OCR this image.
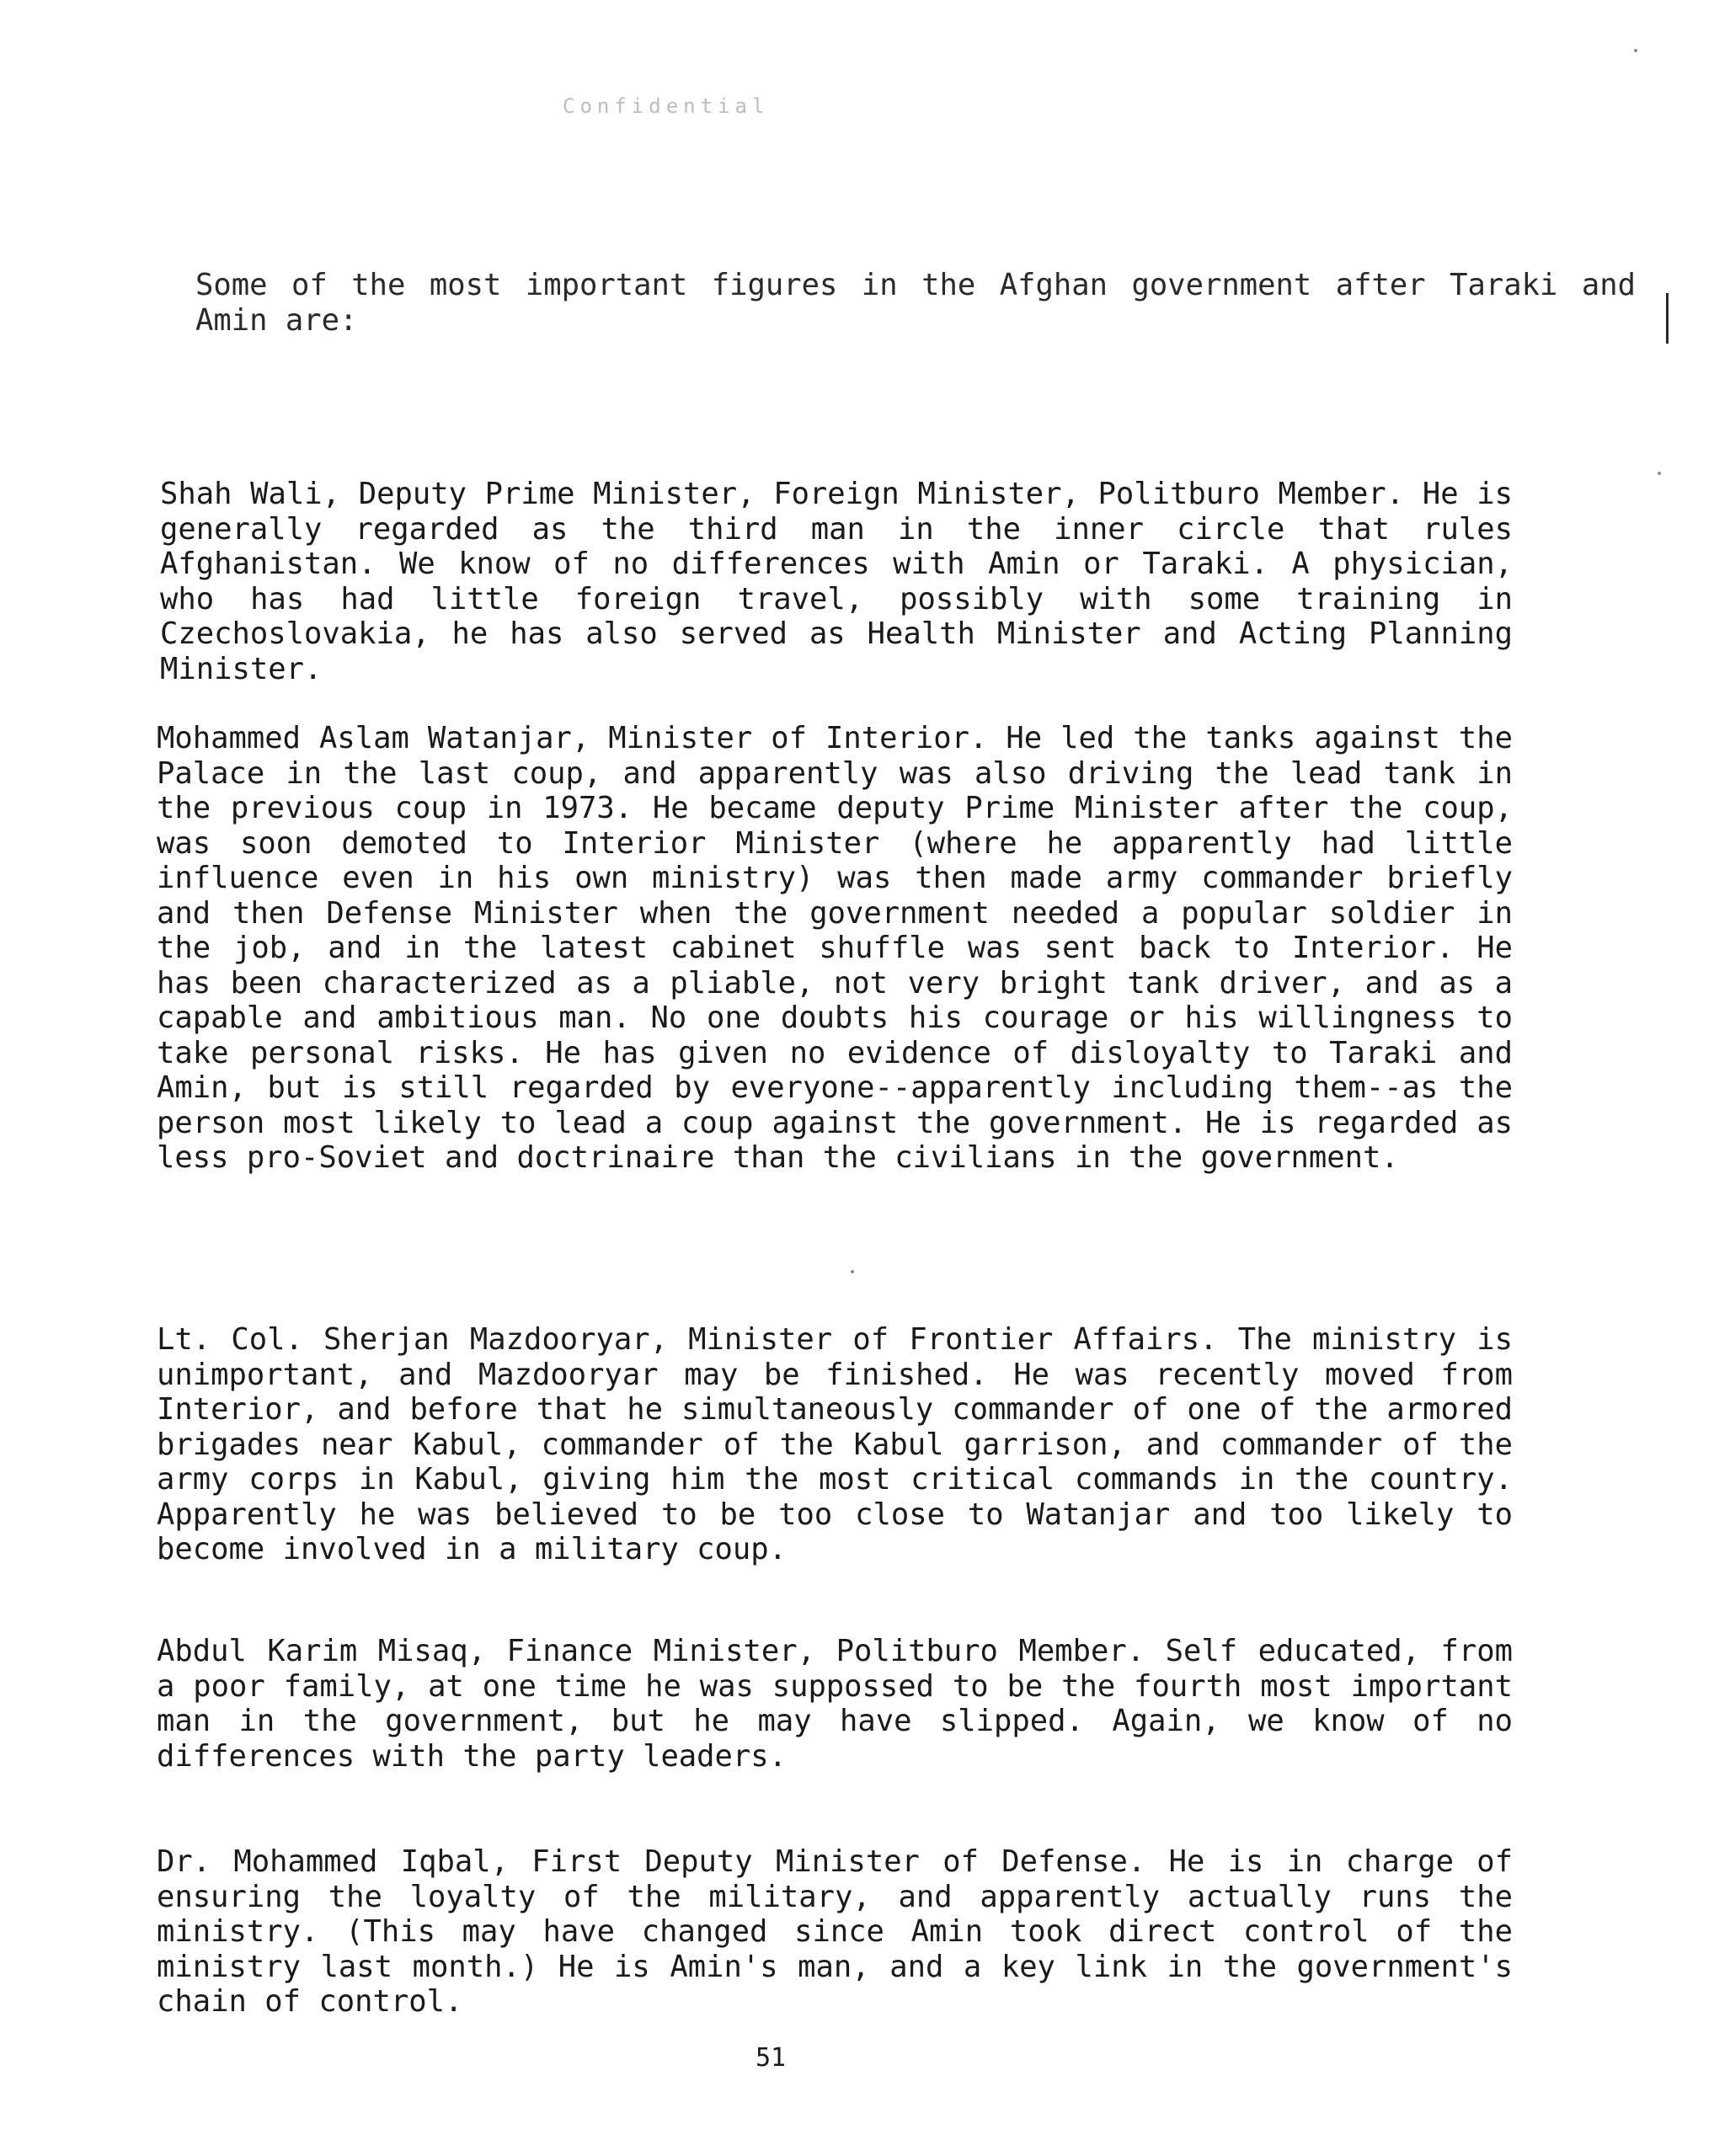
Confidential

Some of the most important figures in the Afghan government after Taraki and Amin are:

Shah Wali, Deputy Prime Minister, Foreign Minister, Politburo Member. He is generally regarded as the third man in the inner circle that rules Afghanistan. We know of no differences with Amin or Taraki. A physician, who has had little foreign travel, possibly with some training in Czechoslovakia, he has also served as Health Minister and Acting Planning Minister.

Mohammed Aslam Watanjar, Minister of Interior. He led the tanks against the Palace in the last coup, and apparently was also driving the lead tank in the previous coup in 1973. He became deputy Prime Minister after the coup, was soon demoted to Interior Minister (where he apparently had little influence even in his own ministry) was then made army commander briefly and then Defense Minister when the government needed a popular soldier in the job, and in the latest cabinet shuffle was sent back to Interior. He has been characterized as a pliable, not very bright tank driver, and as a capable and ambitious man. No one doubts his courage or his willingness to take personal risks. He has given no evidence of disloyalty to Taraki and Amin, but is still regarded by everyone--apparently including them--as the person most likely to lead a coup against the government. He is regarded as less pro-Soviet and doctrinaire than the civilians in the government.

Lt. Col. Sherjan Mazdooryar, Minister of Frontier Affairs. The ministry is unimportant, and Mazdooryar may be finished. He was recently moved from Interior, and before that he simultaneously commander of one of the armored brigades near Kabul, commander of the Kabul garrison, and commander of the army corps in Kabul, giving him the most critical commands in the country. Apparently he was believed to be too close to Watanjar and too likely to become involved in a military coup.

Abdul Karim Misaq, Finance Minister, Politburo Member. Self educated, from a poor family, at one time he was suppossed to be the fourth most important man in the government, but he may have slipped. Again, we know of no differences with the party leaders.

Dr. Mohammed Iqbal, First Deputy Minister of Defense. He is in charge of ensuring the loyalty of the military, and apparently actually runs the ministry. (This may have changed since Amin took direct control of the ministry last month.) He is Amin's man, and a key link in the government's chain of control.

51
